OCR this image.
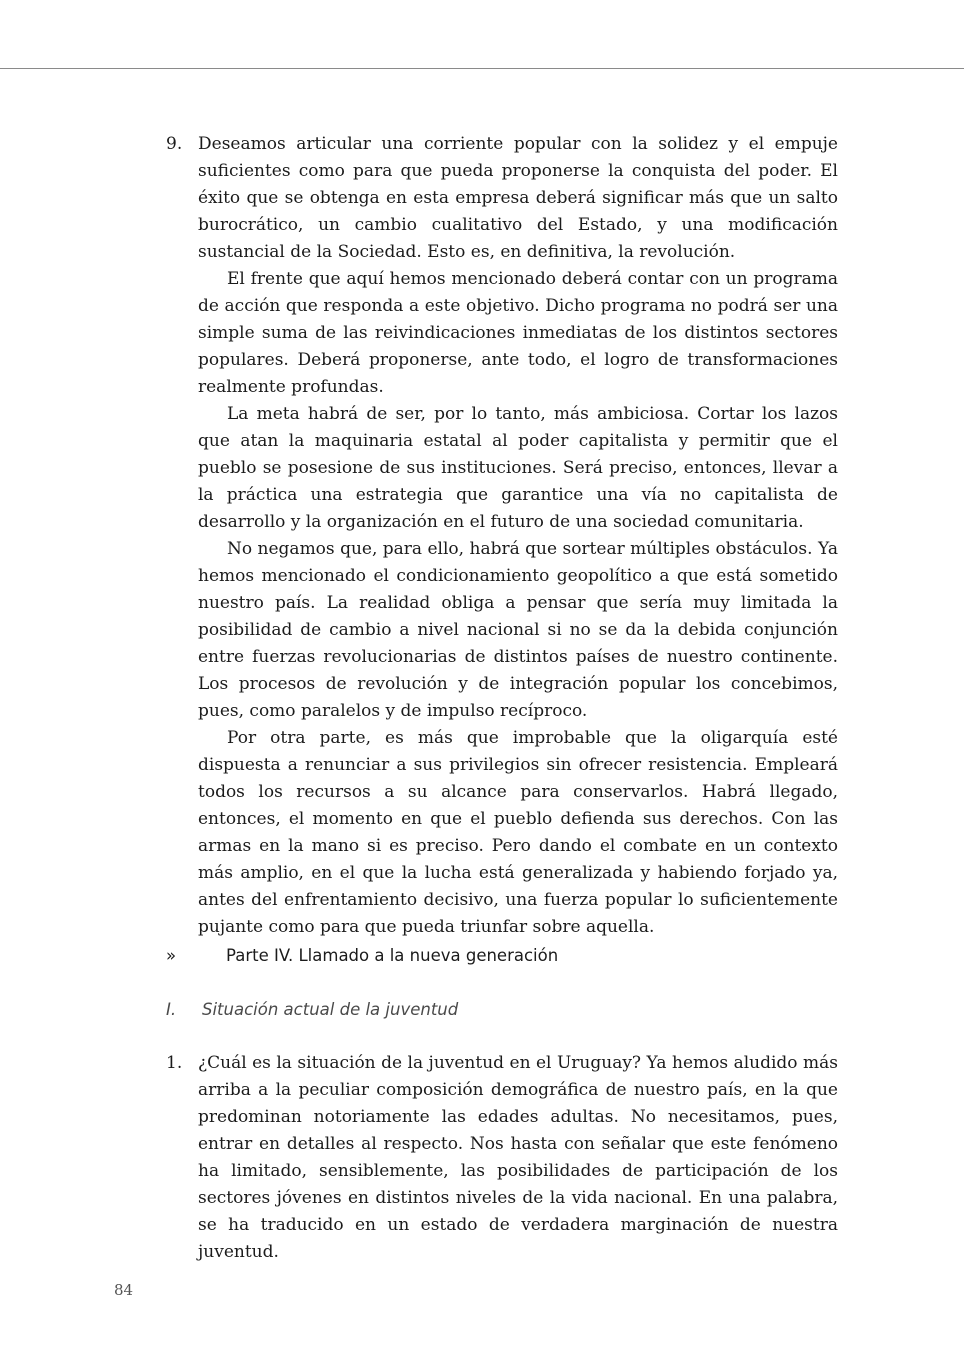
9. Deseamos articular una corriente popular con la solidez y el empuje suficientes como para que pueda proponerse la conquista del poder. El éxito que se obtenga en esta empresa deberá significar más que un salto burocrático, un cambio cualitativo del Estado, y una modificación sustancial de la Sociedad. Esto es, en definitiva, la revolución.

El frente que aquí hemos mencionado deberá contar con un programa de acción que responda a este objetivo. Dicho programa no podrá ser una simple suma de las reivindicaciones inmediatas de los distintos sectores populares. Deberá proponerse, ante todo, el logro de transformaciones realmente profundas.

La meta habrá de ser, por lo tanto, más ambiciosa. Cortar los lazos que atan la maquinaria estatal al poder capitalista y permitir que el pueblo se posesione de sus instituciones. Será preciso, entonces, llevar a la práctica una estrategia que garantice una vía no capitalista de desarrollo y la organización en el futuro de una sociedad comunitaria.

No negamos que, para ello, habrá que sortear múltiples obstáculos. Ya hemos mencionado el condicionamiento geopolítico a que está sometido nuestro país. La realidad obliga a pensar que sería muy limitada la posibilidad de cambio a nivel nacional si no se da la debida conjunción entre fuerzas revolucionarias de distintos países de nuestro continente. Los procesos de revolución y de integración popular los concebimos, pues, como paralelos y de impulso recíproco.

Por otra parte, es más que improbable que la oligarquía esté dispuesta a renunciar a sus privilegios sin ofrecer resistencia. Empleará todos los recursos a su alcance para conservarlos. Habrá llegado, entonces, el momento en que el pueblo defienda sus derechos. Con las armas en la mano si es preciso. Pero dando el combate en un contexto más amplio, en el que la lucha está generalizada y habiendo forjado ya, antes del enfrentamiento decisivo, una fuerza popular lo suficientemente pujante como para que pueda triunfar sobre aquella.

»	Parte IV. Llamado a la nueva generación
I. Situación actual de la juventud
1. ¿Cuál es la situación de la juventud en el Uruguay? Ya hemos aludido más arriba a la peculiar composición demográfica de nuestro país, en la que predominan notoriamente las edades adultas. No necesitamos, pues, entrar en detalles al respecto. Nos hasta con señalar que este fenómeno ha limitado, sensiblemente, las posibilidades de participación de los sectores jóvenes en distintos niveles de la vida nacional. En una palabra, se ha traducido en un estado de verdadera marginación de nuestra juventud.

84
